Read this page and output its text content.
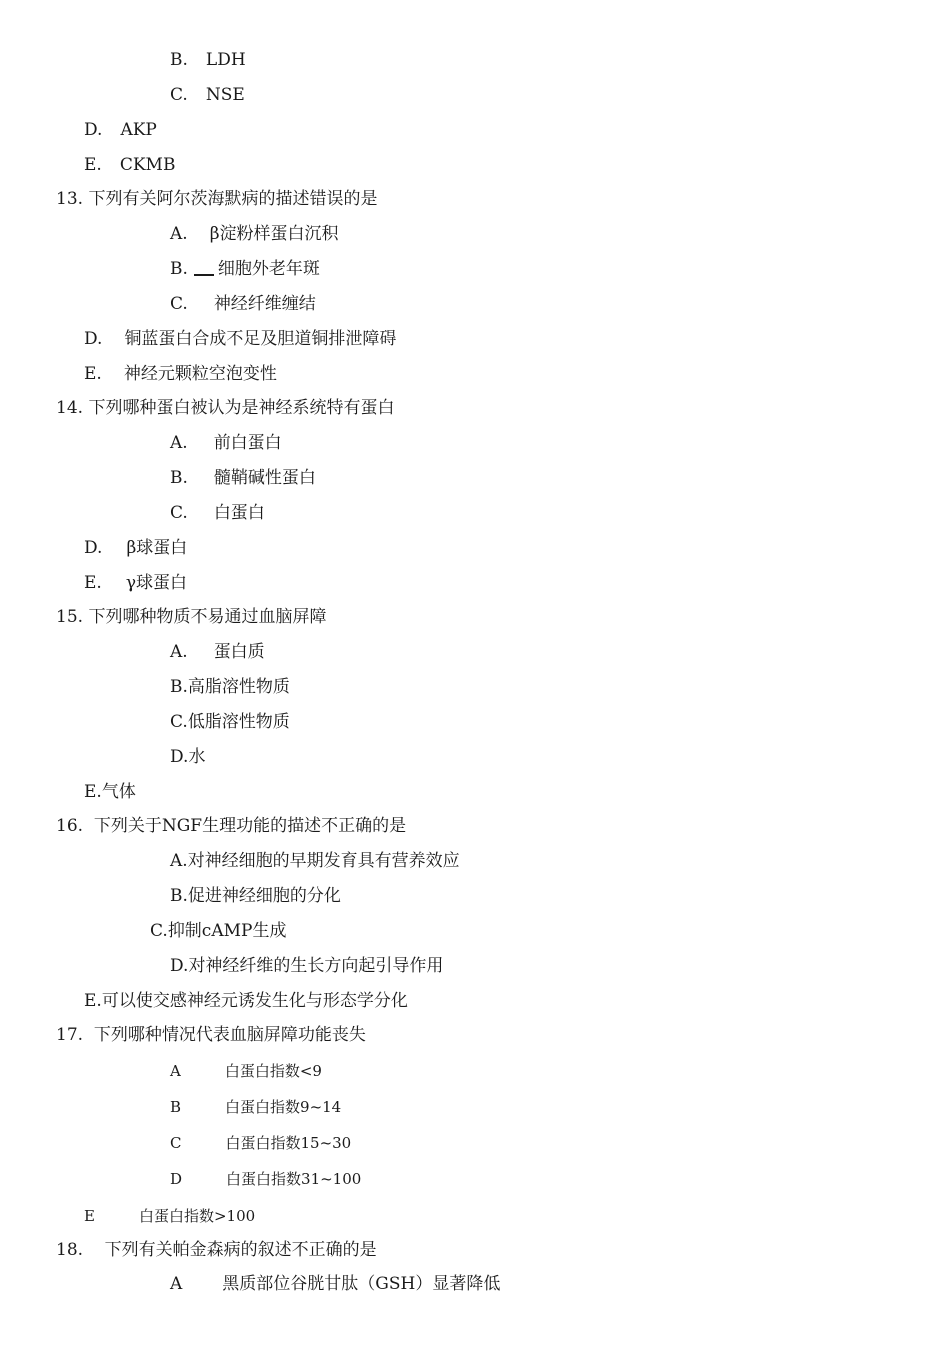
B. LDH
C. NSE
D. AKP
E. CKMB
13. 下列有关阿尔茨海默病的描述错误的是
A. β淀粉样蛋白沉积
B. 细胞外老年斑
C. 神经纤维缠结
D. 铜蓝蛋白合成不足及胆道铜排泄障碍
E. 神经元颗粒空泡变性
14. 下列哪种蛋白被认为是神经系统特有蛋白
A. 前白蛋白
B. 髓鞘碱性蛋白
C. 白蛋白
D. β球蛋白
E. γ球蛋白
15. 下列哪种物质不易通过血脑屏障
A. 蛋白质
B.高脂溶性物质
C.低脂溶性物质
D.水
E.气体
16.  下列关于NGF生理功能的描述不正确的是
A.对神经细胞的早期发育具有营养效应
B.促进神经细胞的分化
C.抑制cAMP生成
D.对神经纤维的生长方向起引导作用
E.可以使交感神经元诱发生化与形态学分化
17.  下列哪种情况代表血脑屏障功能丧失
A	白蛋白指数<9
B	白蛋白指数9~14
C	白蛋白指数15~30
D	白蛋白指数31~100
E	白蛋白指数>100
18.    下列有关帕金森病的叙述不正确的是
A 黑质部位谷胱甘肽（GSH）显著降低
